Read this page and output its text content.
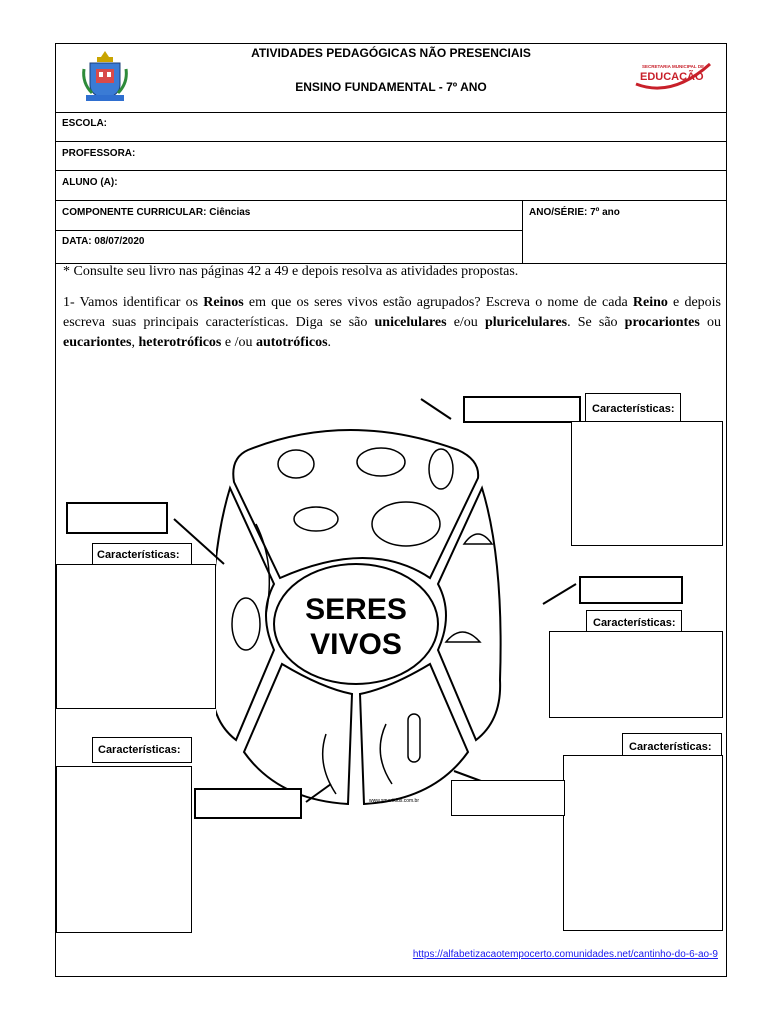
ATIVIDADES PEDAGÓGICAS NÃO PRESENCIAIS
ENSINO FUNDAMENTAL - 7º ANO
SECRETARIA MUNICIPAL DE
EDUCAÇÃO
ESCOLA:
PROFESSORA:
ALUNO (A):
COMPONENTE CURRICULAR: Ciências	ANO/SÉRIE: 7º ano
DATA: 08/07/2020
* Consulte seu livro nas páginas 42 a 49 e depois resolva as atividades propostas.
1- Vamos identificar os Reinos em que os seres vivos estão agrupados? Escreva o nome de cada Reino e depois escreva suas principais características. Diga se são unicelulares e/ou pluricelulares. Se são procariontes ou eucariontes, heterotróficos e /ou autotróficos.
SERES
VIVOS
www.smartkids.com.br
Características:
Características:
Características:
Características:	Características:
https://alfabetizacaotempocerto.comunidades.net/cantinho-do-6-ao-9
